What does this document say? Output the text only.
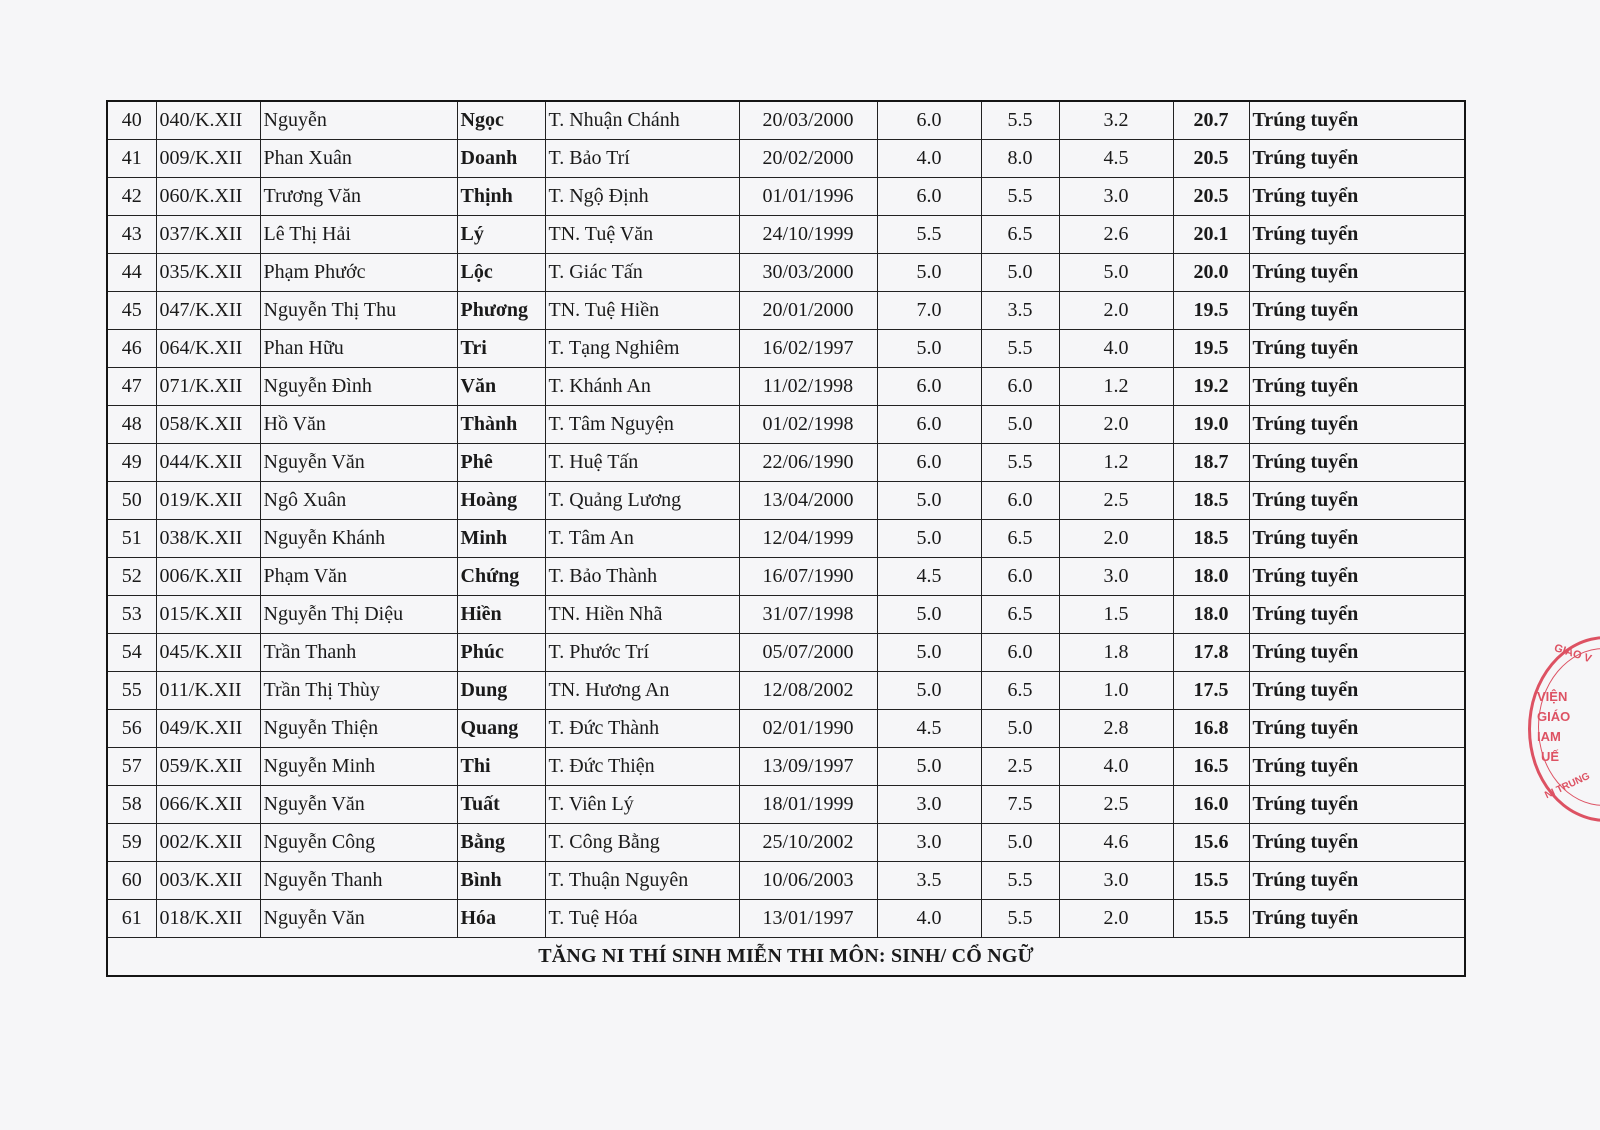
40	040/K.XII	Nguyễn	Ngọc	T. Nhuận Chánh	20/03/2000	6.0	5.5	3.2	20.7	Trúng tuyển
41	009/K.XII	Phan Xuân	Doanh	T. Bảo Trí	20/02/2000	4.0	8.0	4.5	20.5	Trúng tuyển
42	060/K.XII	Trương Văn	Thịnh	T. Ngộ Định	01/01/1996	6.0	5.5	3.0	20.5	Trúng tuyển
43	037/K.XII	Lê Thị Hải	Lý	TN. Tuệ Văn	24/10/1999	5.5	6.5	2.6	20.1	Trúng tuyển
44	035/K.XII	Phạm Phước	Lộc	T. Giác Tấn	30/03/2000	5.0	5.0	5.0	20.0	Trúng tuyển
45	047/K.XII	Nguyễn Thị Thu	Phương	TN. Tuệ Hiền	20/01/2000	7.0	3.5	2.0	19.5	Trúng tuyển
46	064/K.XII	Phan Hữu	Tri	T. Tạng Nghiêm	16/02/1997	5.0	5.5	4.0	19.5	Trúng tuyển
47	071/K.XII	Nguyễn Đình	Văn	T. Khánh An	11/02/1998	6.0	6.0	1.2	19.2	Trúng tuyển
48	058/K.XII	Hồ Văn	Thành	T. Tâm Nguyện	01/02/1998	6.0	5.0	2.0	19.0	Trúng tuyển
49	044/K.XII	Nguyễn Văn	Phê	T. Huệ Tấn	22/06/1990	6.0	5.5	1.2	18.7	Trúng tuyển
50	019/K.XII	Ngô Xuân	Hoàng	T. Quảng Lương	13/04/2000	5.0	6.0	2.5	18.5	Trúng tuyển
51	038/K.XII	Nguyễn Khánh	Minh	T. Tâm An	12/04/1999	5.0	6.5	2.0	18.5	Trúng tuyển
52	006/K.XII	Phạm Văn	Chứng	T. Bảo Thành	16/07/1990	4.5	6.0	3.0	18.0	Trúng tuyển
53	015/K.XII	Nguyễn Thị Diệu	Hiền	TN. Hiền Nhã	31/07/1998	5.0	6.5	1.5	18.0	Trúng tuyển
54	045/K.XII	Trần Thanh	Phúc	T. Phước Trí	05/07/2000	5.0	6.0	1.8	17.8	Trúng tuyển
55	011/K.XII	Trần Thị Thùy	Dung	TN. Hương An	12/08/2002	5.0	6.5	1.0	17.5	Trúng tuyển
56	049/K.XII	Nguyễn Thiện	Quang	T. Đức Thành	02/01/1990	4.5	5.0	2.8	16.8	Trúng tuyển
57	059/K.XII	Nguyễn Minh	Thi	T. Đức Thiện	13/09/1997	5.0	2.5	4.0	16.5	Trúng tuyển
58	066/K.XII	Nguyễn Văn	Tuất	T. Viên Lý	18/01/1999	3.0	7.5	2.5	16.0	Trúng tuyển
59	002/K.XII	Nguyễn Công	Bằng	T. Công Bằng	25/10/2002	3.0	5.0	4.6	15.6	Trúng tuyển
60	003/K.XII	Nguyễn Thanh	Bình	T. Thuận Nguyên	10/06/2003	3.5	5.5	3.0	15.5	Trúng tuyển
61	018/K.XII	Nguyễn Văn	Hóa	T. Tuệ Hóa	13/01/1997	4.0	5.5	2.0	15.5	Trúng tuyển
TĂNG NI THÍ SINH MIỄN THI MÔN: SINH/ CỔ NGỮ										
GIÁO V
VIỆN
GIÁO
IAM
UẾ
NI TRUNG
